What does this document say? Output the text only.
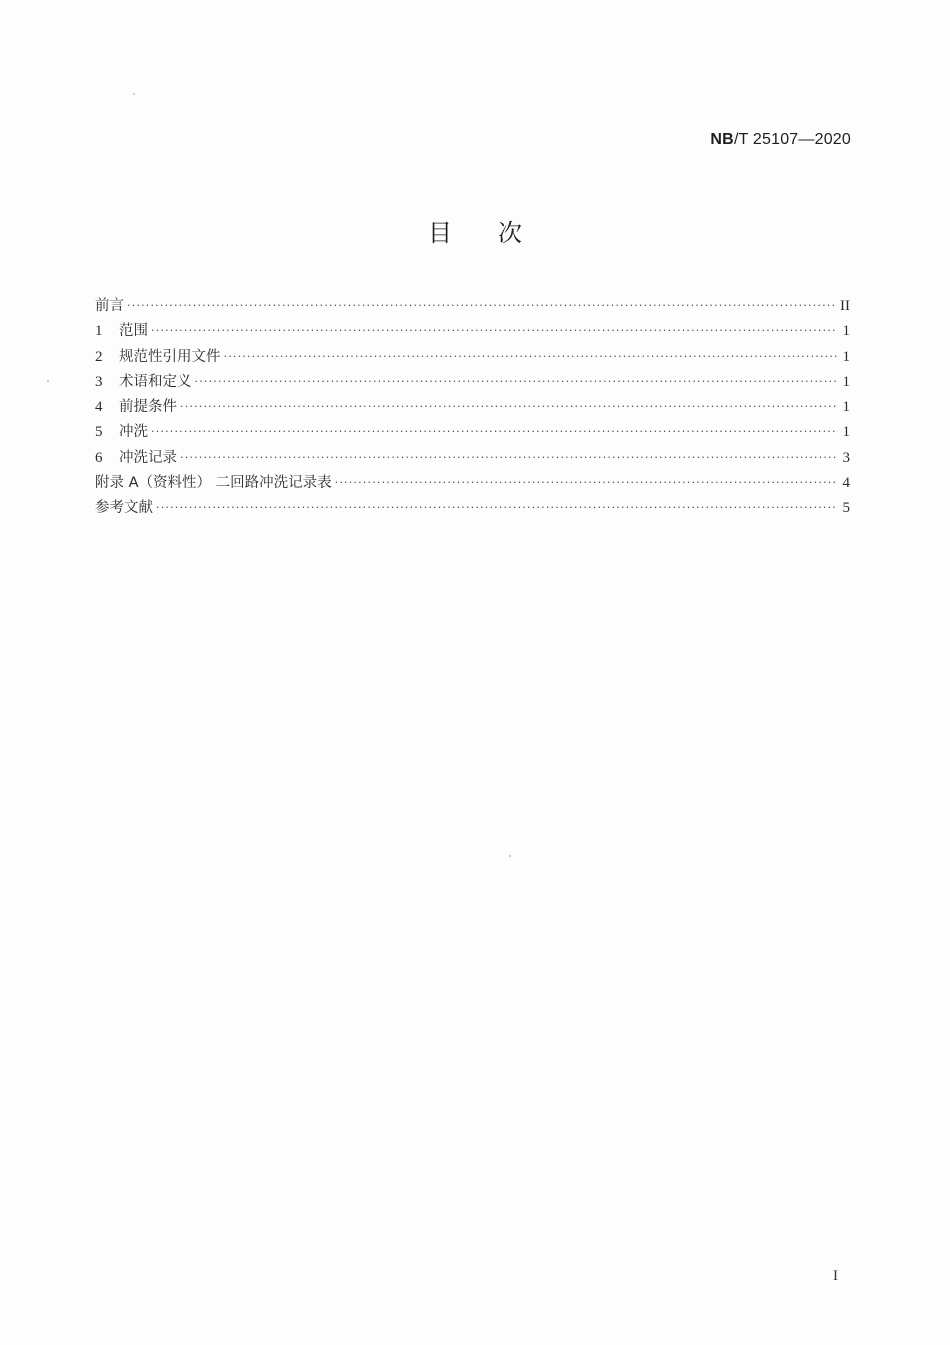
NB/T 25107—2020
目次
前言 ·····	II
1	范围 ·····	1
2	规范性引用文件 ·····	1
3	术语和定义 ·····	1
4	前提条件 ·····	1
5	冲洗 ·····	1
6	冲洗记录 ·····	3
附录 A（资料性） 二回路冲洗记录表 ·····	4
参考文献 ·····	5
I
